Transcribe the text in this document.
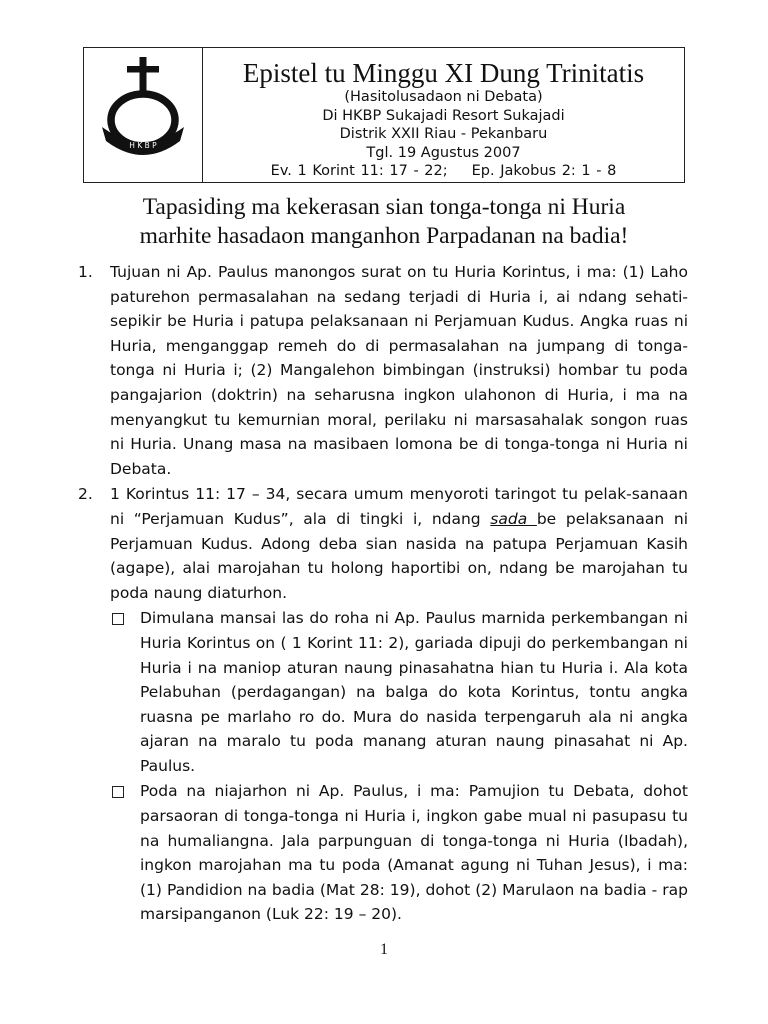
H K B P
Epistel tu Minggu XI Dung Trinitatis
(Hasitolusadaon ni Debata)
Di HKBP Sukajadi Resort Sukajadi
Distrik XXII Riau - Pekanbaru
Tgl. 19 Agustus 2007
Ev. 1 Korint 11: 17 - 22; Ep. Jakobus 2: 1 - 8
Tapasiding ma kekerasan sian tonga-tonga ni Huria
marhite hasadaon manganhon Parpadanan na badia!
1. Tujuan ni Ap. Paulus manongos surat on tu Huria Korintus, i ma: (1) Laho paturehon permasalahan na sedang terjadi di Huria i, ai ndang sehati-sepikir be Huria i patupa pelaksanaan ni Perjamuan Kudus. Angka ruas ni Huria, menganggap remeh do di permasalahan na jumpang di tonga-tonga ni Huria i; (2) Mangalehon bimbingan (instruksi) hombar tu poda pangajarion (doktrin) na seharusna ingkon ulahonon di Huria, i ma na menyangkut tu kemurnian moral, perilaku ni marsasahalak songon ruas ni Huria. Unang masa na masibaen lomona be di tonga-tonga ni Huria ni Debata.

2. 1 Korintus 11: 17 – 34, secara umum menyoroti taringot tu pelak-sanaan ni “Perjamuan Kudus”, ala di tingki i, ndang sada be pelaksanaan ni Perjamuan Kudus. Adong deba sian nasida na patupa Perjamuan Kasih (agape), alai marojahan tu holong haportibi on, ndang be marojahan tu poda naung diaturhon.

Dimulana mansai las do roha ni Ap. Paulus marnida perkembangan ni Huria Korintus on ( 1 Korint 11: 2), gariada dipuji do perkembangan ni Huria i na maniop aturan naung pinasahatna hian tu Huria i. Ala kota Pelabuhan (perdagangan) na balga do kota Korintus, tontu angka ruasna pe marlaho ro do. Mura do nasida terpengaruh ala ni angka ajaran na maralo tu poda manang aturan naung pinasahat ni Ap. Paulus.

Poda na niajarhon ni Ap. Paulus, i ma: Pamujion tu Debata, dohot parsaoran di tonga-tonga ni Huria i, ingkon gabe mual ni pasupasu tu na humaliangna. Jala parpunguan di tonga-tonga ni Huria (Ibadah), ingkon marojahan ma tu poda (Amanat agung ni Tuhan Jesus), i ma: (1) Pandidion na badia (Mat 28: 19), dohot (2) Marulaon na badia - rap marsipanganon (Luk 22: 19 – 20).

1
